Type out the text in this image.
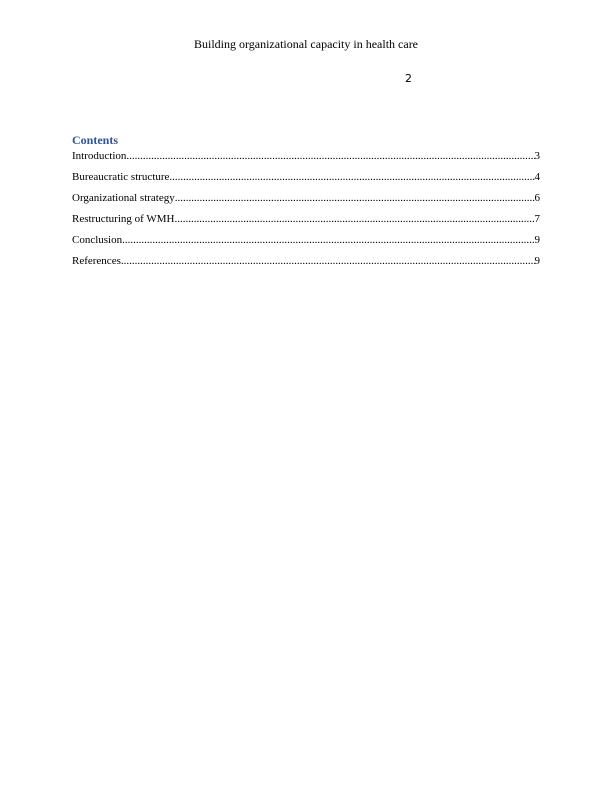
Building organizational capacity in health care
2
Contents
Introduction .....	3
Bureaucratic structure .....	4
Organizational strategy .....	6
Restructuring of WMH .....	7
Conclusion .....	9
References .....	9
